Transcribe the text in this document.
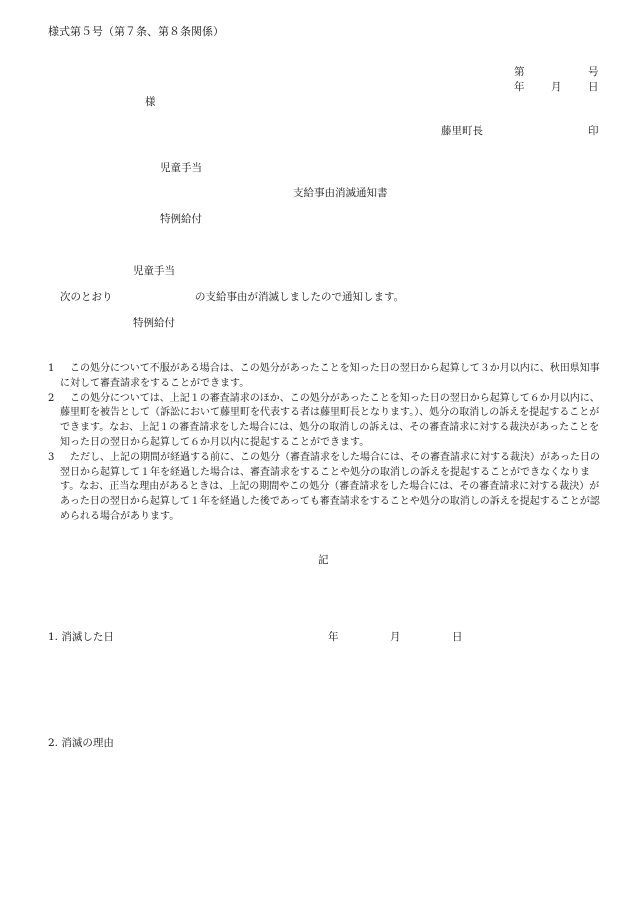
様式第５号（第７条、第８条関係）
第	号
年	月	日
様
藤里町長	印
児童手当
支給事由消滅通知書
特例給付
児童手当
次のとおり	の支給事由が消滅しましたので通知します。
特例給付

1	この処分について不服がある場合は、この処分があったことを知った日の翌日から起算して３か月以内に、秋田県知事に対して審査請求をすることができます。

2	この処分については、上記１の審査請求のほか、この処分があったことを知った日の翌日から起算して６か月以内に、藤里町を被告として（訴訟において藤里町を代表する者は藤里町長となります。）、処分の取消しの訴えを提起することができます。なお、上記１の審査請求をした場合には、処分の取消しの訴えは、その審査請求に対する裁決があったことを知った日の翌日から起算して６か月以内に提起することができます。

3	ただし、上記の期間が経過する前に、この処分（審査請求をした場合には、その審査請求に対する裁決）があった日の翌日から起算して１年を経過した場合は、審査請求をすることや処分の取消しの訴えを提起することができなくなります。なお、正当な理由があるときは、上記の期間やこの処分（審査請求をした場合には、その審査請求に対する裁決）があった日の翌日から起算して１年を経過した後であっても審査請求をすることや処分の取消しの訴えを提起することが認められる場合があります。

記
1. 消滅した日	年	月	日
2. 消滅の理由
